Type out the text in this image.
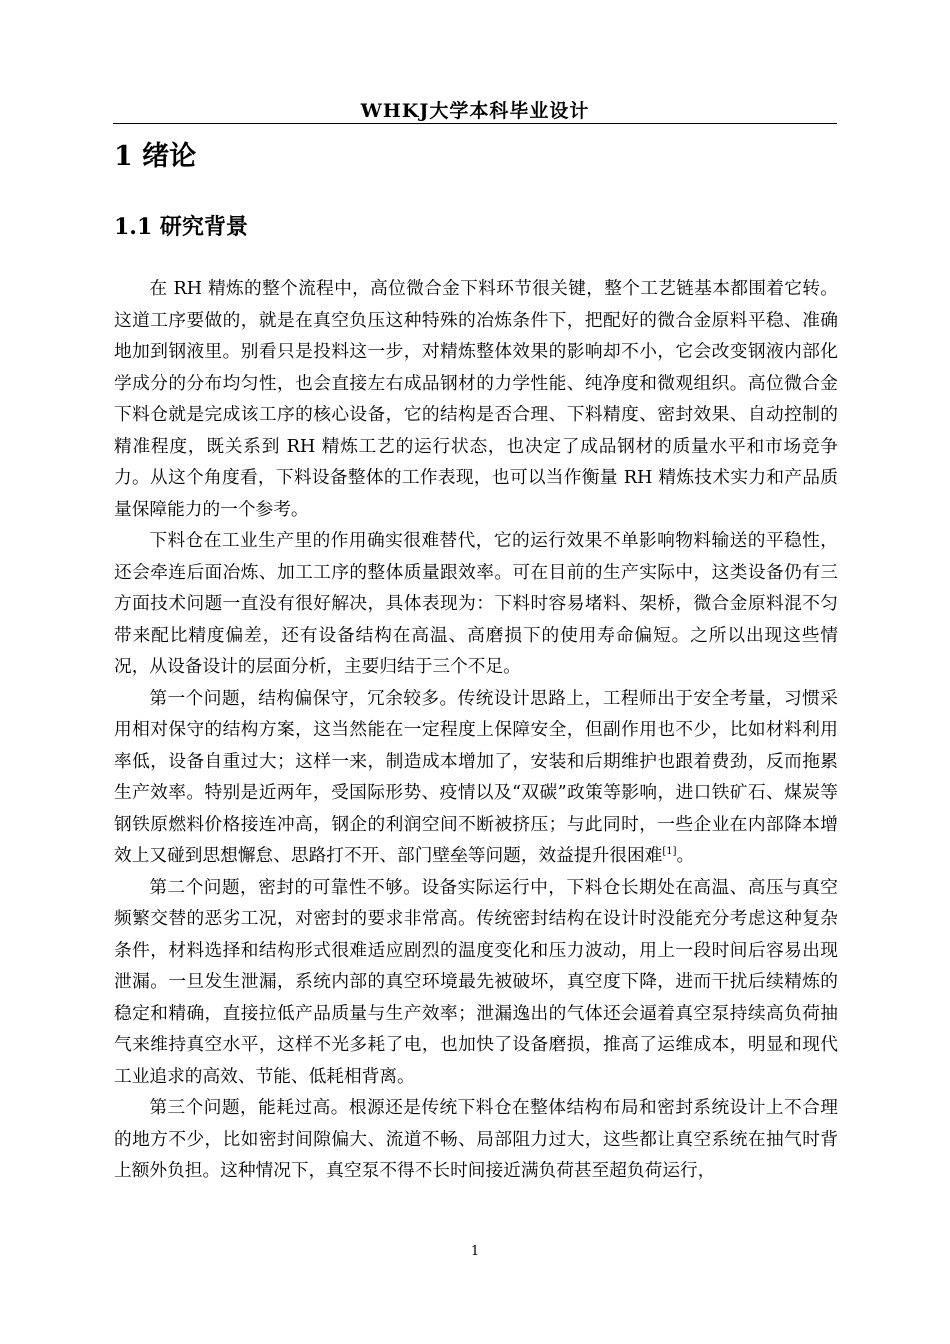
WHKJ大学本科毕业设计
1 绪论
1.1 研究背景

在 RH 精炼的整个流程中，高位微合金下料环节很关键，整个工艺链基本都围着它转。这道工序要做的，就是在真空负压这种特殊的冶炼条件下，把配好的微合金原料平稳、准确地加到钢液里。别看只是投料这一步，对精炼整体效果的影响却不小，它会改变钢液内部化学成分的分布均匀性，也会直接左右成品钢材的力学性能、纯净度和微观组织。高位微合金下料仓就是完成该工序的核心设备，它的结构是否合理、下料精度、密封效果、自动控制的精准程度，既关系到 RH 精炼工艺的运行状态，也决定了成品钢材的质量水平和市场竞争力。从这个角度看，下料设备整体的工作表现，也可以当作衡量 RH 精炼技术实力和产品质量保障能力的一个参考。

下料仓在工业生产里的作用确实很难替代，它的运行效果不单影响物料输送的平稳性，还会牵连后面冶炼、加工工序的整体质量跟效率。可在目前的生产实际中，这类设备仍有三方面技术问题一直没有很好解决，具体表现为：下料时容易堵料、架桥，微合金原料混不匀带来配比精度偏差，还有设备结构在高温、高磨损下的使用寿命偏短。之所以出现这些情况，从设备设计的层面分析，主要归结于三个不足。

第一个问题，结构偏保守，冗余较多。传统设计思路上，工程师出于安全考量，习惯采用相对保守的结构方案，这当然能在一定程度上保障安全，但副作用也不少，比如材料利用率低，设备自重过大；这样一来，制造成本增加了，安装和后期维护也跟着费劲，反而拖累生产效率。特别是近两年，受国际形势、疫情以及“双碳”政策等影响，进口铁矿石、煤炭等钢铁原燃料价格接连冲高，钢企的利润空间不断被挤压；与此同时，一些企业在内部降本增效上又碰到思想懈怠、思路打不开、部门壁垒等问题，效益提升很困难[1]。

第二个问题，密封的可靠性不够。设备实际运行中，下料仓长期处在高温、高压与真空频繁交替的恶劣工况，对密封的要求非常高。传统密封结构在设计时没能充分考虑这种复杂条件，材料选择和结构形式很难适应剧烈的温度变化和压力波动，用上一段时间后容易出现泄漏。一旦发生泄漏，系统内部的真空环境最先被破坏，真空度下降，进而干扰后续精炼的稳定和精确，直接拉低产品质量与生产效率；泄漏逸出的气体还会逼着真空泵持续高负荷抽气来维持真空水平，这样不光多耗了电，也加快了设备磨损，推高了运维成本，明显和现代工业追求的高效、节能、低耗相背离。

第三个问题，能耗过高。根源还是传统下料仓在整体结构布局和密封系统设计上不合理的地方不少，比如密封间隙偏大、流道不畅、局部阻力过大，这些都让真空系统在抽气时背上额外负担。这种情况下，真空泵不得不长时间接近满负荷甚至超负荷运行，

1
